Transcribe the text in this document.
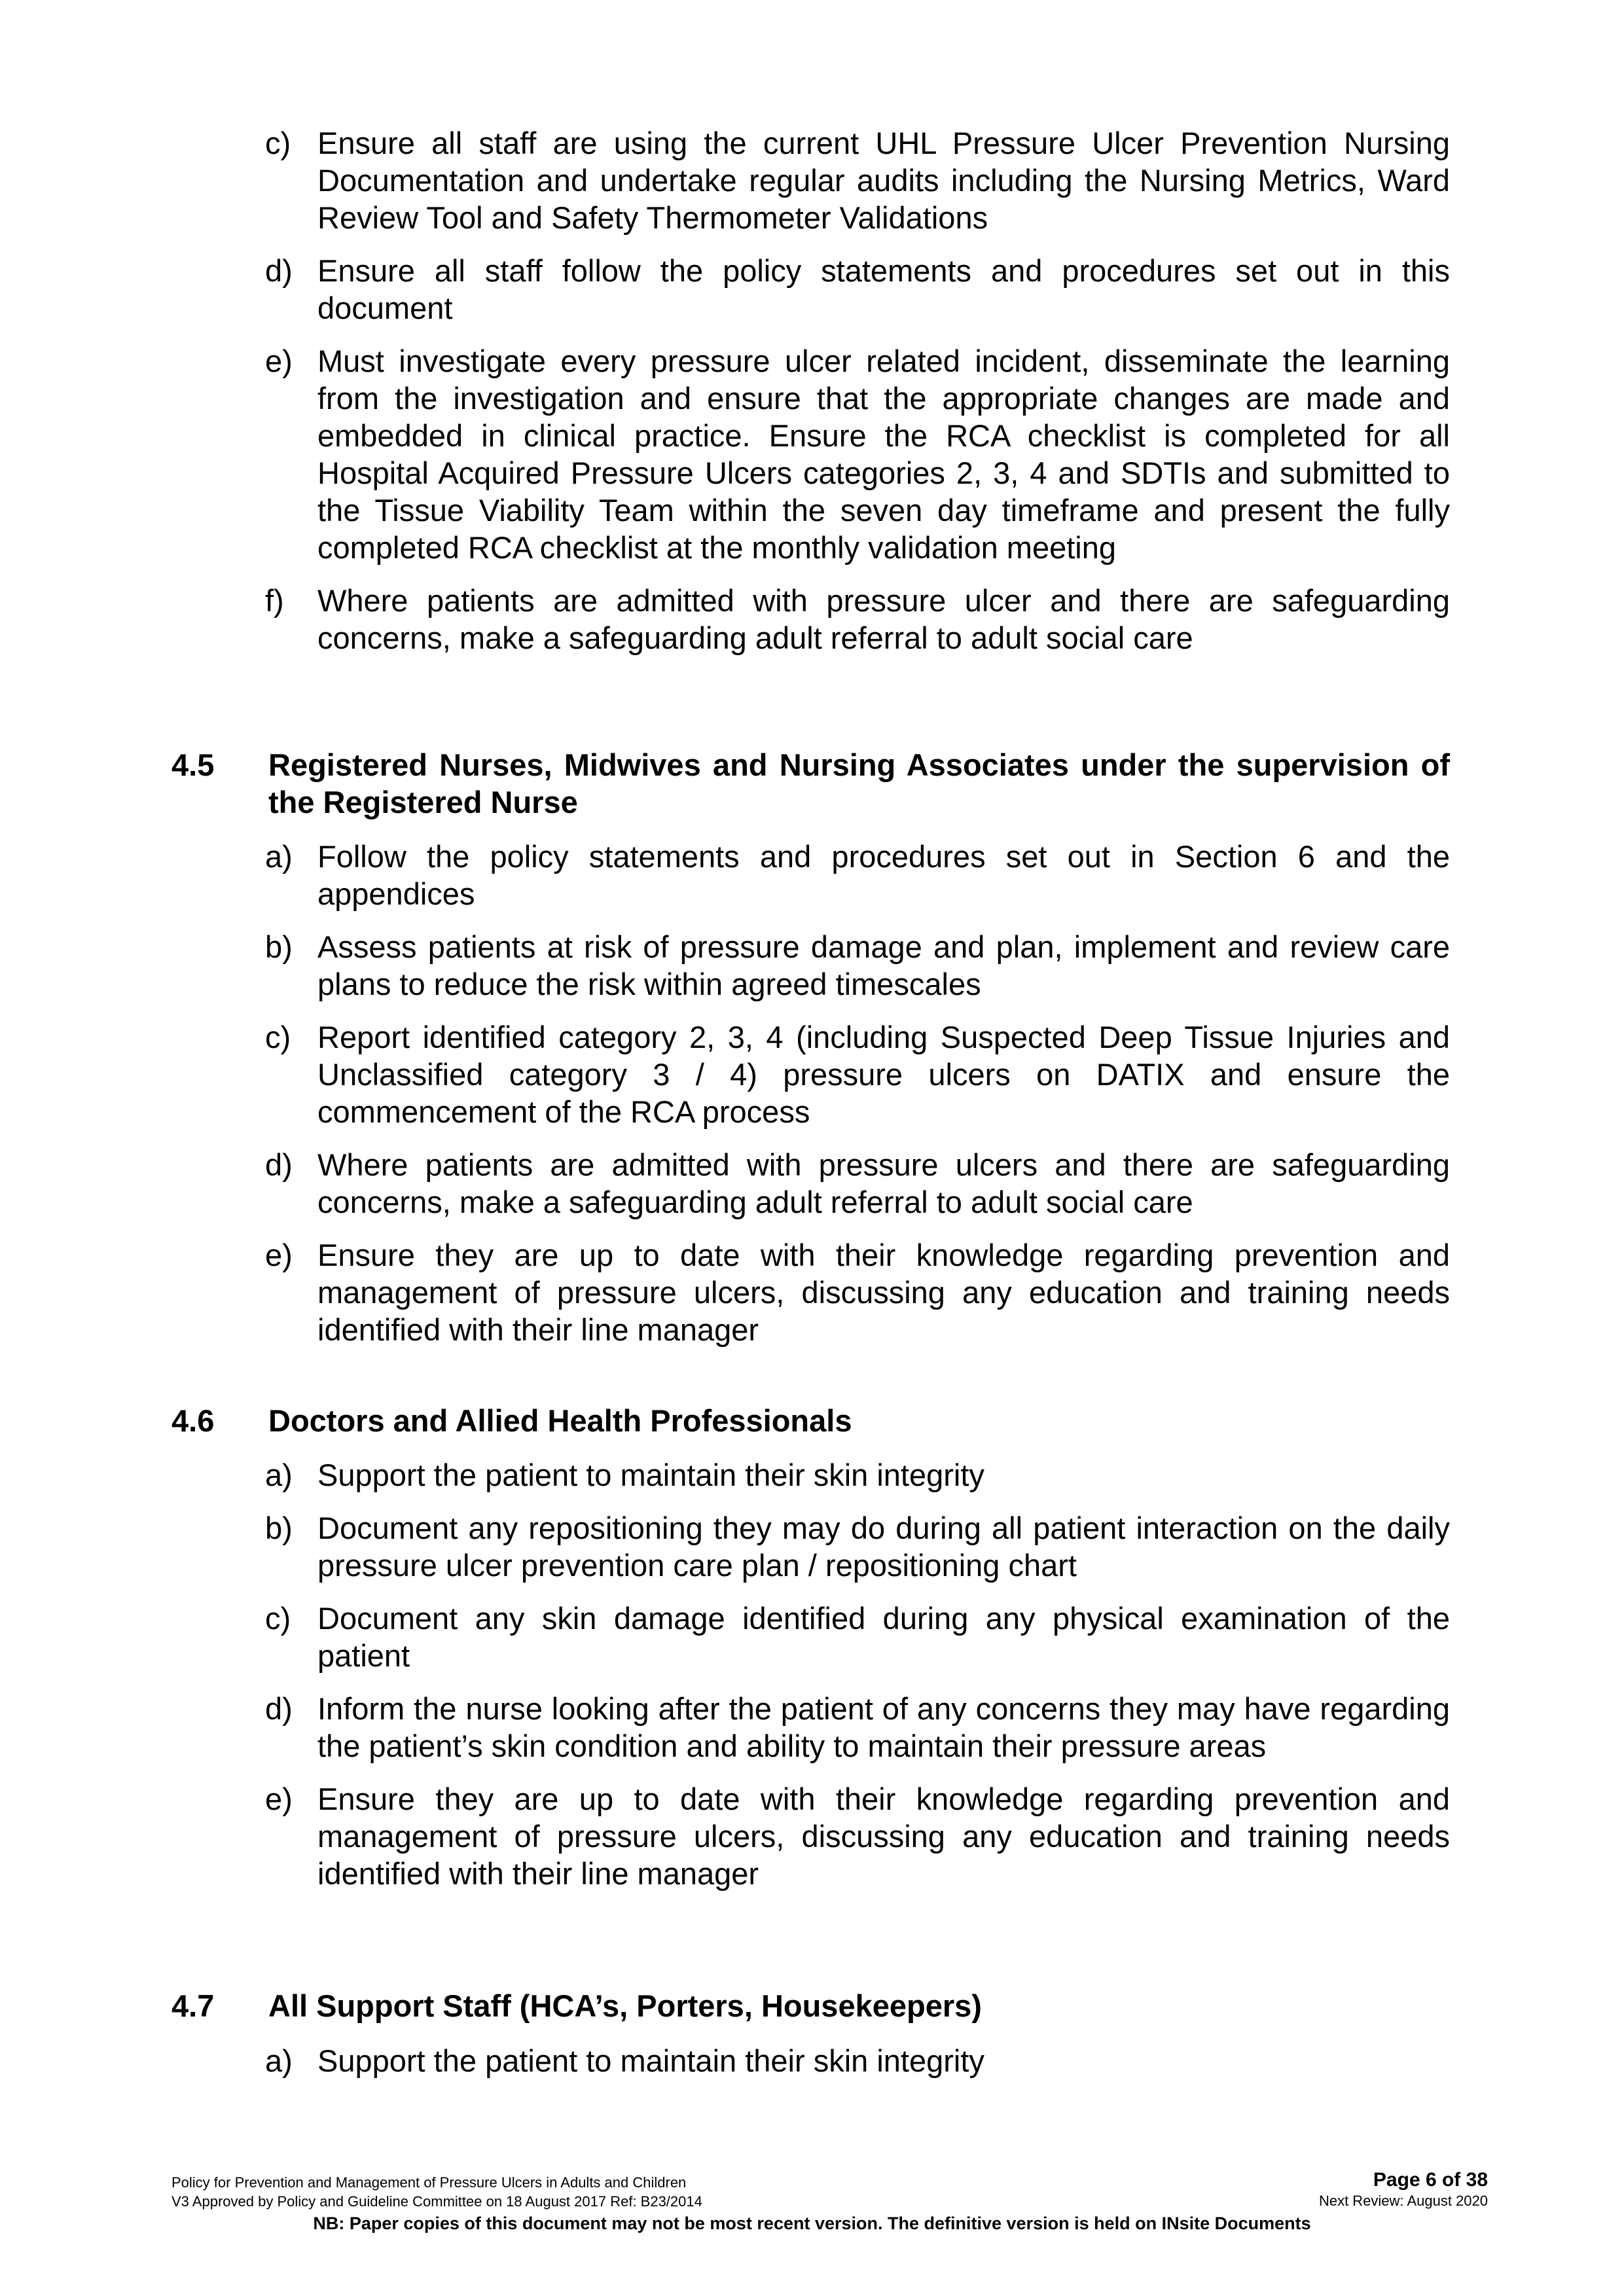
c) Ensure all staff are using the current UHL Pressure Ulcer Prevention Nursing Documentation and undertake regular audits including the Nursing Metrics, Ward Review Tool and Safety Thermometer Validations
d) Ensure all staff follow the policy statements and procedures set out in this document
e) Must investigate every pressure ulcer related incident, disseminate the learning from the investigation and ensure that the appropriate changes are made and embedded in clinical practice. Ensure the RCA checklist is completed for all Hospital Acquired Pressure Ulcers categories 2, 3, 4 and SDTIs and submitted to the Tissue Viability Team within the seven day timeframe and present the fully completed RCA checklist at the monthly validation meeting
f) Where patients are admitted with pressure ulcer and there are safeguarding concerns, make a safeguarding adult referral to adult social care
4.5 Registered Nurses, Midwives and Nursing Associates under the supervision of the Registered Nurse
a) Follow the policy statements and procedures set out in Section 6 and the appendices
b) Assess patients at risk of pressure damage and plan, implement and review care plans to reduce the risk within agreed timescales
c) Report identified category 2, 3, 4 (including Suspected Deep Tissue Injuries and Unclassified category 3 / 4) pressure ulcers on DATIX and ensure the commencement of the RCA process
d) Where patients are admitted with pressure ulcers and there are safeguarding concerns, make a safeguarding adult referral to adult social care
e) Ensure they are up to date with their knowledge regarding prevention and management of pressure ulcers, discussing any education and training needs identified with their line manager
4.6 Doctors and Allied Health Professionals
a) Support the patient to maintain their skin integrity
b) Document any repositioning they may do during all patient interaction on the daily pressure ulcer prevention care plan / repositioning chart
c) Document any skin damage identified during any physical examination of the patient
d) Inform the nurse looking after the patient of any concerns they may have regarding the patient’s skin condition and ability to maintain their pressure areas
e) Ensure they are up to date with their knowledge regarding prevention and management of pressure ulcers, discussing any education and training needs identified with their line manager
4.7 All Support Staff (HCA’s, Porters, Housekeepers)
a) Support the patient to maintain their skin integrity
Policy for Prevention and Management of Pressure Ulcers in Adults and Children
V3 Approved by Policy and Guideline Committee on 18 August 2017 Ref: B23/2014
Page 6 of 38
Next Review: August 2020
NB: Paper copies of this document may not be most recent version. The definitive version is held on INsite Documents
